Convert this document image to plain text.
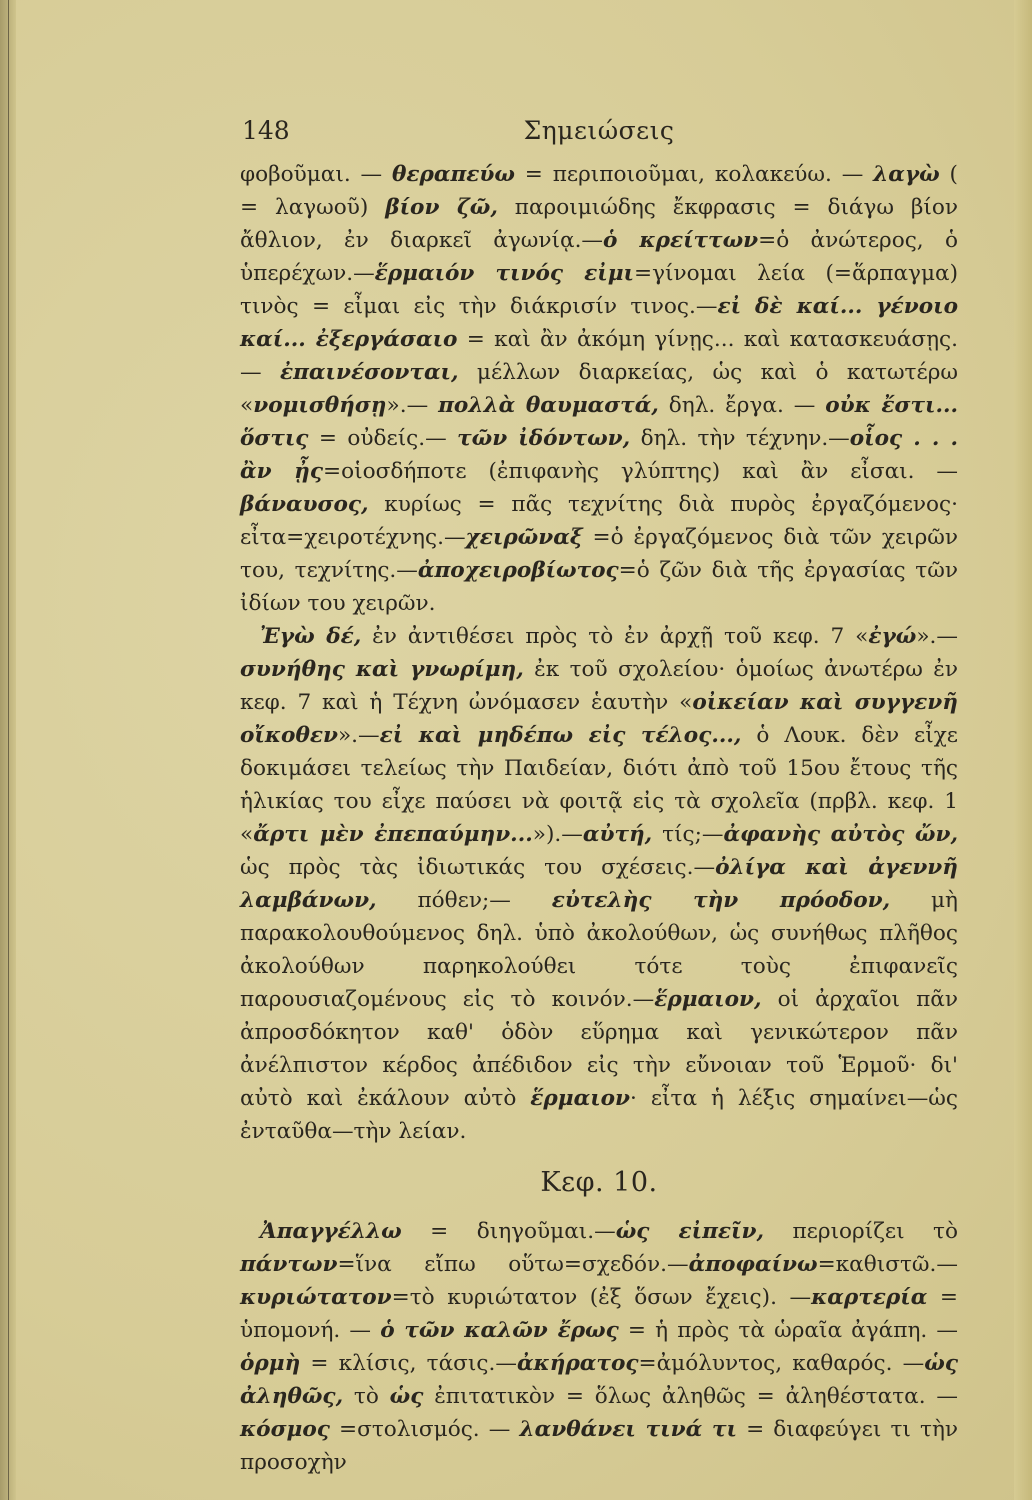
148	Σημειώσεις

φοβοῦμαι. — θεραπεύω = περιποιοῦμαι, κολακεύω. — λαγὼ ( = λαγωοῦ) βίον ζῶ, παροιμιώδης ἔκφρασις = διάγω βίον ἄθλιον, ἐν διαρκεῖ ἀγωνίᾳ.—ὁ κρείττων=ὁ ἀνώτερος, ὁ ὑπερέχων.—ἕρμαιόν τινός εἰμι=γίνομαι λεία (=ἅρπαγμα) τινὸς = εἶμαι εἰς τὴν διάκρισίν τινος.—εἰ δὲ καί... γένοιο καί... ἐξεργάσαιο = καὶ ἂν ἀκόμη γίνῃς... καὶ κατασκευάσῃς. — ἐπαινέσονται, μέλλων διαρκείας, ὡς καὶ ὁ κατωτέρω «νομισθήσῃ».— πολλὰ θαυμαστά, δηλ. ἔργα. — οὐκ ἔστι... ὅστις = οὐδείς.— τῶν ἰδόντων, δηλ. τὴν τέχνην.—οἷος . . . ἂν ᾖς=οἱοσδήποτε (ἐπιφανὴς γλύπτης) καὶ ἂν εἶσαι. — βάναυσος, κυρίως = πᾶς τεχνίτης διὰ πυρὸς ἐργαζόμενος· εἶτα=χειροτέχνης.—χειρῶναξ =ὁ ἐργαζόμενος διὰ τῶν χειρῶν του, τεχνίτης.—ἀποχειροβίωτος=ὁ ζῶν διὰ τῆς ἐργασίας τῶν ἰδίων του χειρῶν.

Ἐγὼ δέ, ἐν ἀντιθέσει πρὸς τὸ ἐν ἀρχῇ τοῦ κεφ. 7 «ἐγώ».— συνήθης καὶ γνωρίμη, ἐκ τοῦ σχολείου· ὁμοίως ἀνωτέρω ἐν κεφ. 7 καὶ ἡ Τέχνη ὠνόμασεν ἑαυτὴν «οἰκείαν καὶ συγγενῆ οἴκοθεν».—εἰ καὶ μηδέπω εἰς τέλος..., ὁ Λουκ. δὲν εἶχε δοκιμάσει τελείως τὴν Παιδείαν, διότι ἀπὸ τοῦ 15ου ἔτους τῆς ἡλικίας του εἶχε παύσει νὰ φοιτᾷ εἰς τὰ σχολεῖα (πρβλ. κεφ. 1 «ἄρτι μὲν ἐπεπαύμην...»).—αὐτή, τίς;—ἀφανὴς αὐτὸς ὤν, ὡς πρὸς τὰς ἰδιωτικάς του σχέσεις.—ὀλίγα καὶ ἀγεννῆ λαμβάνων, πόθεν;— εὐτελὴς τὴν πρόοδον, μὴ παρακολουθούμενος δηλ. ὑπὸ ἀκολούθων, ὡς συνήθως πλῆθος ἀκολούθων παρηκολούθει τότε τοὺς ἐπιφανεῖς παρουσιαζομένους εἰς τὸ κοινόν.—ἕρμαιον, οἱ ἀρχαῖοι πᾶν ἀπροσδόκητον καθ' ὁδὸν εὕρημα καὶ γενικώτερον πᾶν ἀνέλπιστον κέρδος ἀπέδιδον εἰς τὴν εὔνοιαν τοῦ Ἑρμοῦ· δι' αὐτὸ καὶ ἐκάλουν αὐτὸ ἕρμαιον· εἶτα ἡ λέξις σημαίνει—ὡς ἐνταῦθα—τὴν λείαν.

Κεφ. 10.

Ἀπαγγέλλω = διηγοῦμαι.—ὡς εἰπεῖν, περιορίζει τὸ πάντων=ἵνα εἴπω οὕτω=σχεδόν.—ἀποφαίνω=καθιστῶ.—κυριώτατον=τὸ κυριώτατον (ἐξ ὅσων ἔχεις). —καρτερία = ὑπομονή. — ὁ τῶν καλῶν ἔρως = ἡ πρὸς τὰ ὡραῖα ἀγάπη. — ὁρμὴ = κλίσις, τάσις.—ἀκήρατος=ἀμόλυντος, καθαρός. —ὡς ἀληθῶς, τὸ ὡς ἐπιτατικὸν = ὅλως ἀληθῶς = ἀληθέστατα. — κόσμος =στολισμός. — λανθάνει τινά τι = διαφεύγει τι τὴν προσοχὴν
